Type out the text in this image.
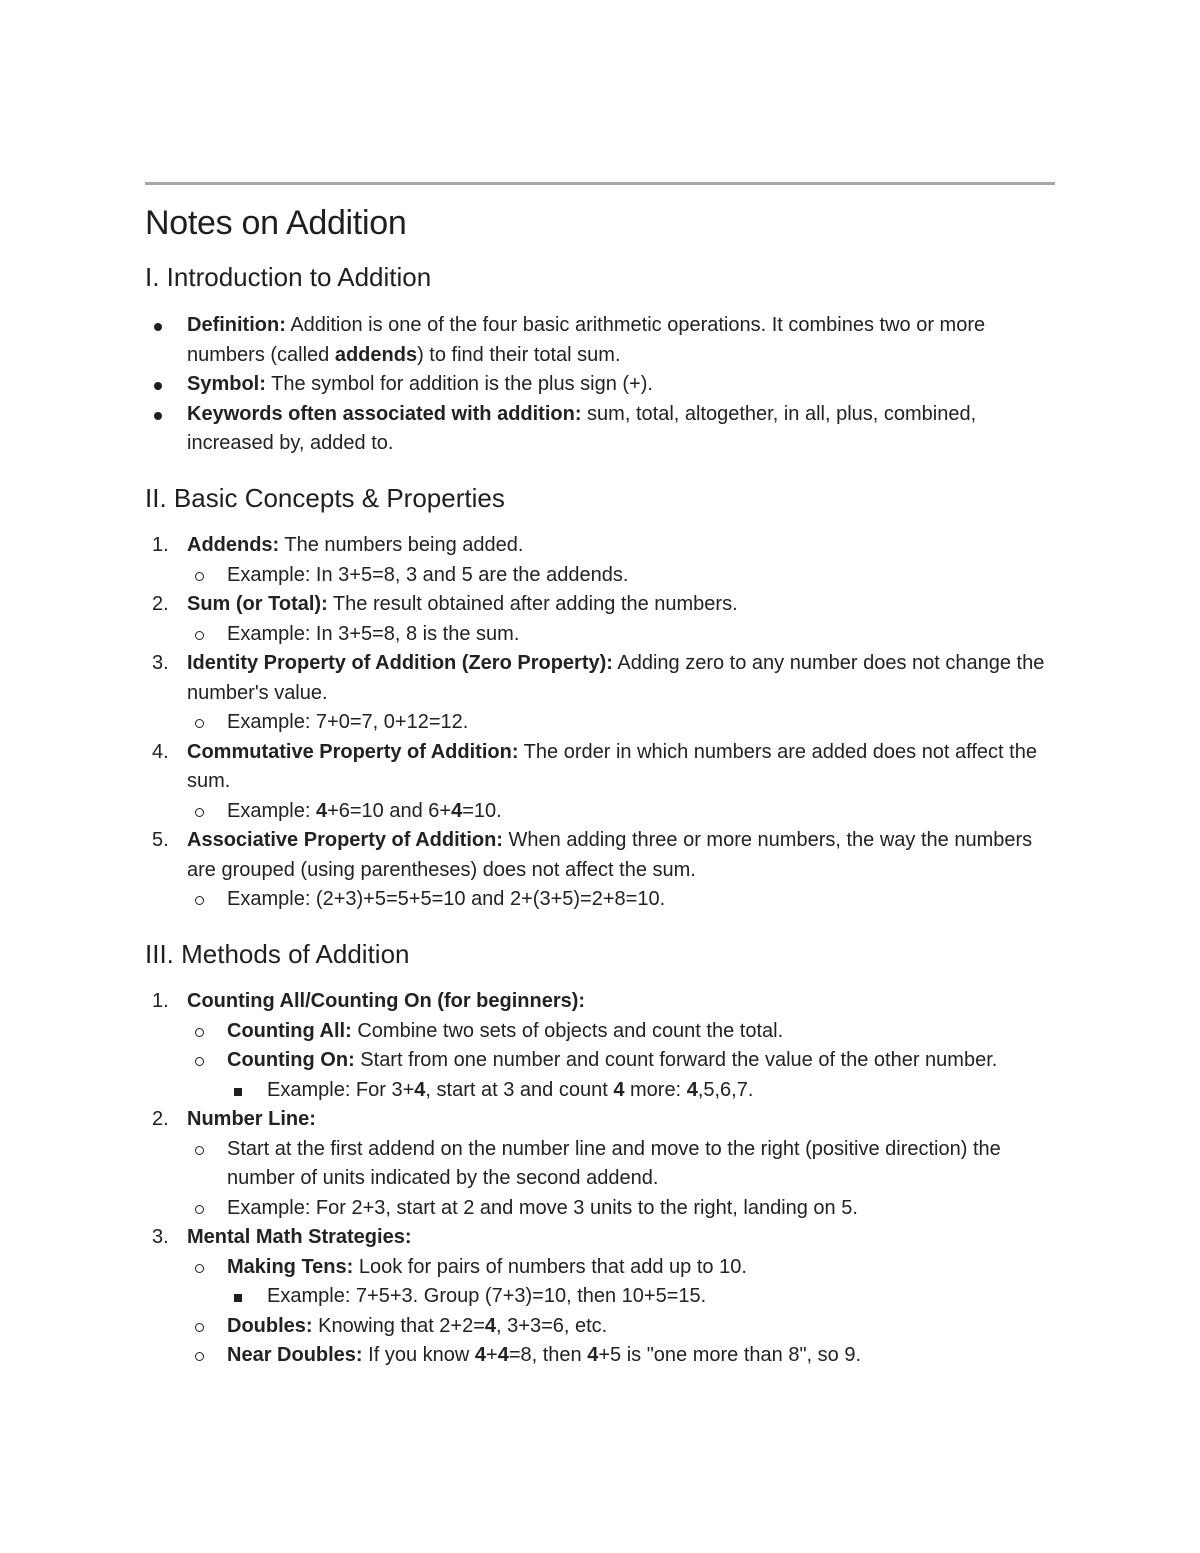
Notes on Addition
I. Introduction to Addition
Definition: Addition is one of the four basic arithmetic operations. It combines two or more numbers (called addends) to find their total sum.
Symbol: The symbol for addition is the plus sign (+).
Keywords often associated with addition: sum, total, altogether, in all, plus, combined, increased by, added to.
II. Basic Concepts & Properties
1. Addends: The numbers being added.
Example: In 3+5=8, 3 and 5 are the addends.
2. Sum (or Total): The result obtained after adding the numbers.
Example: In 3+5=8, 8 is the sum.
3. Identity Property of Addition (Zero Property): Adding zero to any number does not change the number's value.
Example: 7+0=7, 0+12=12.
4. Commutative Property of Addition: The order in which numbers are added does not affect the sum.
Example: 4+6=10 and 6+4=10.
5. Associative Property of Addition: When adding three or more numbers, the way the numbers are grouped (using parentheses) does not affect the sum.
Example: (2+3)+5=5+5=10 and 2+(3+5)=2+8=10.
III. Methods of Addition
1. Counting All/Counting On (for beginners):
Counting All: Combine two sets of objects and count the total.
Counting On: Start from one number and count forward the value of the other number.
Example: For 3+4, start at 3 and count 4 more: 4,5,6,7.
2. Number Line:
Start at the first addend on the number line and move to the right (positive direction) the number of units indicated by the second addend.
Example: For 2+3, start at 2 and move 3 units to the right, landing on 5.
3. Mental Math Strategies:
Making Tens: Look for pairs of numbers that add up to 10.
Example: 7+5+3. Group (7+3)=10, then 10+5=15.
Doubles: Knowing that 2+2=4, 3+3=6, etc.
Near Doubles: If you know 4+4=8, then 4+5 is "one more than 8", so 9.
